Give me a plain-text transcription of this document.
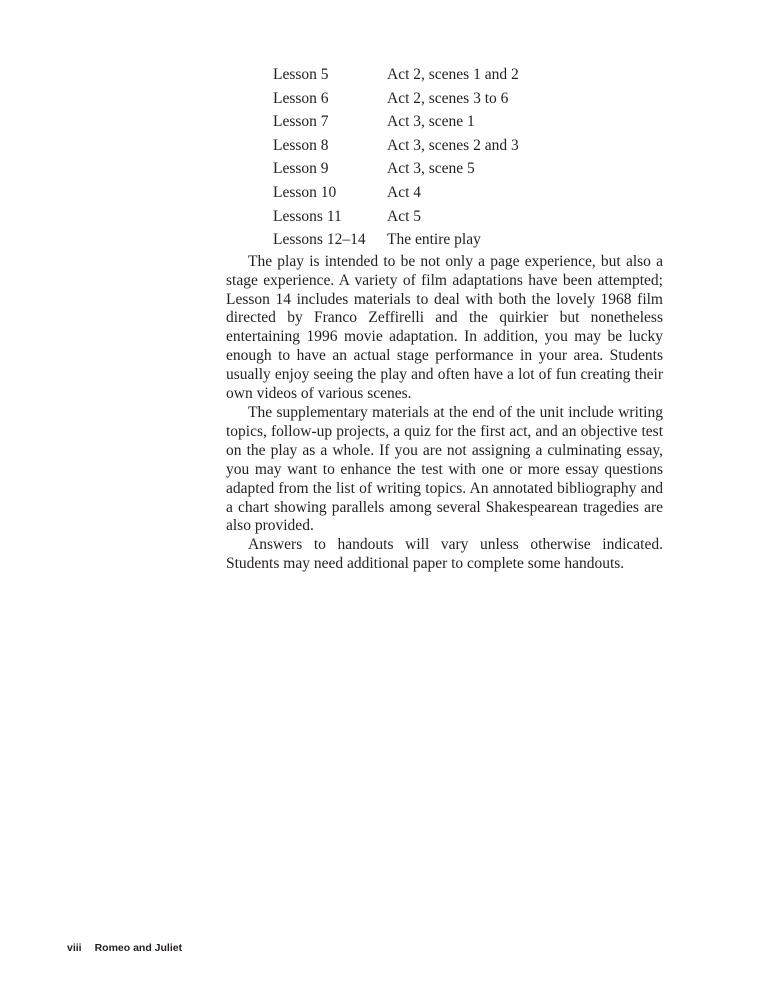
Lesson 5	Act 2, scenes 1 and 2
Lesson 6	Act 2, scenes 3 to 6
Lesson 7	Act 3, scene 1
Lesson 8	Act 3, scenes 2 and 3
Lesson 9	Act 3, scene 5
Lesson 10	Act 4
Lessons 11	Act 5
Lessons 12–14	The entire play

The play is intended to be not only a page experience, but also a stage experience. A variety of film adaptations have been attempted; Lesson 14 includes materials to deal with both the lovely 1968 film directed by Franco Zeffirelli and the quirkier but nonetheless entertaining 1996 movie adaptation. In addition, you may be lucky enough to have an actual stage performance in your area. Students usually enjoy seeing the play and often have a lot of fun creating their own videos of various scenes.

The supplementary materials at the end of the unit include writing topics, follow-up projects, a quiz for the first act, and an objective test on the play as a whole. If you are not assigning a culminating essay, you may want to enhance the test with one or more essay questions adapted from the list of writing topics. An annotated bibliography and a chart showing parallels among several Shakespearean tragedies are also provided.

Answers to handouts will vary unless otherwise indicated. Students may need additional paper to complete some handouts.

viii Romeo and Juliet
